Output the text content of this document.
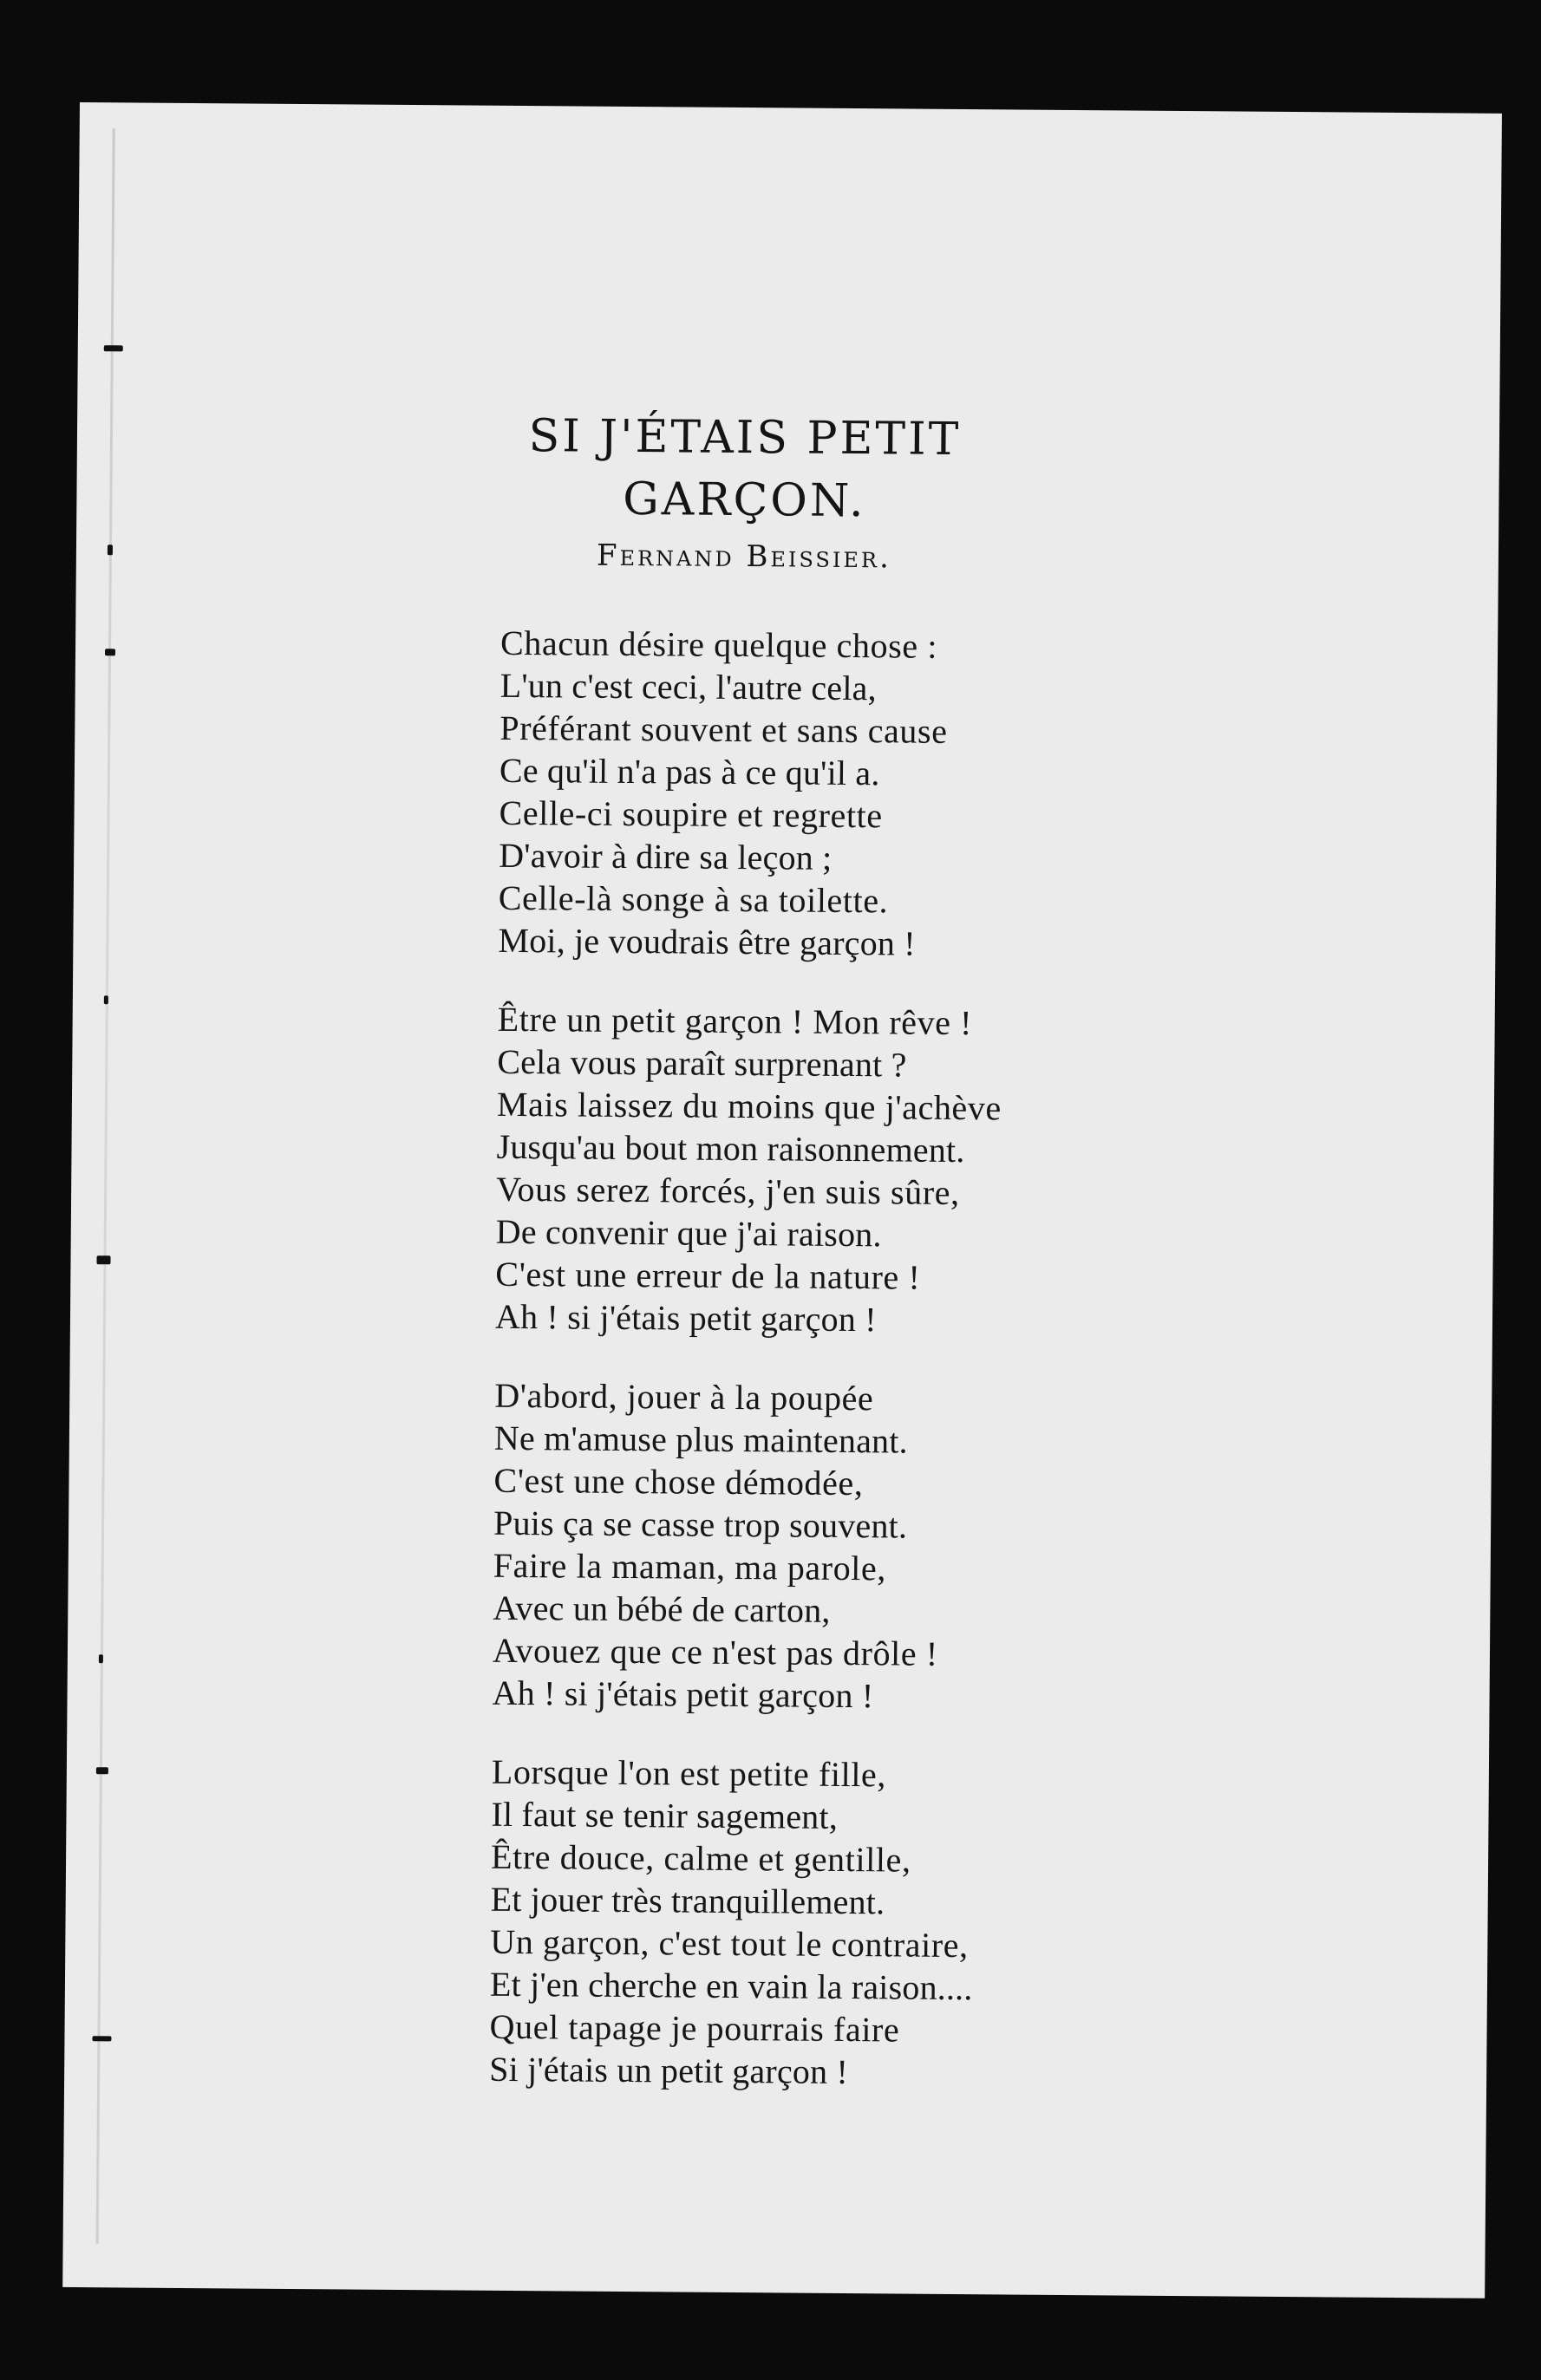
SI J'ÉTAIS PETIT
GARÇON.
Fernand Beissier.
Chacun désire quelque chose :
L'un c'est ceci, l'autre cela,
Préférant souvent et sans cause
Ce qu'il n'a pas à ce qu'il a.
Celle-ci soupire et regrette
D'avoir à dire sa leçon ;
Celle-là songe à sa toilette.
Moi, je voudrais être garçon !
Être un petit garçon ! Mon rêve !
Cela vous paraît surprenant ?
Mais laissez du moins que j'achève
Jusqu'au bout mon raisonnement.
Vous serez forcés, j'en suis sûre,
De convenir que j'ai raison.
C'est une erreur de la nature !
Ah ! si j'étais petit garçon !
D'abord, jouer à la poupée
Ne m'amuse plus maintenant.
C'est une chose démodée,
Puis ça se casse trop souvent.
Faire la maman, ma parole,
Avec un bébé de carton,
Avouez que ce n'est pas drôle !
Ah ! si j'étais petit garçon !
Lorsque l'on est petite fille,
Il faut se tenir sagement,
Être douce, calme et gentille,
Et jouer très tranquillement.
Un garçon, c'est tout le contraire,
Et j'en cherche en vain la raison....
Quel tapage je pourrais faire
Si j'étais un petit garçon !
